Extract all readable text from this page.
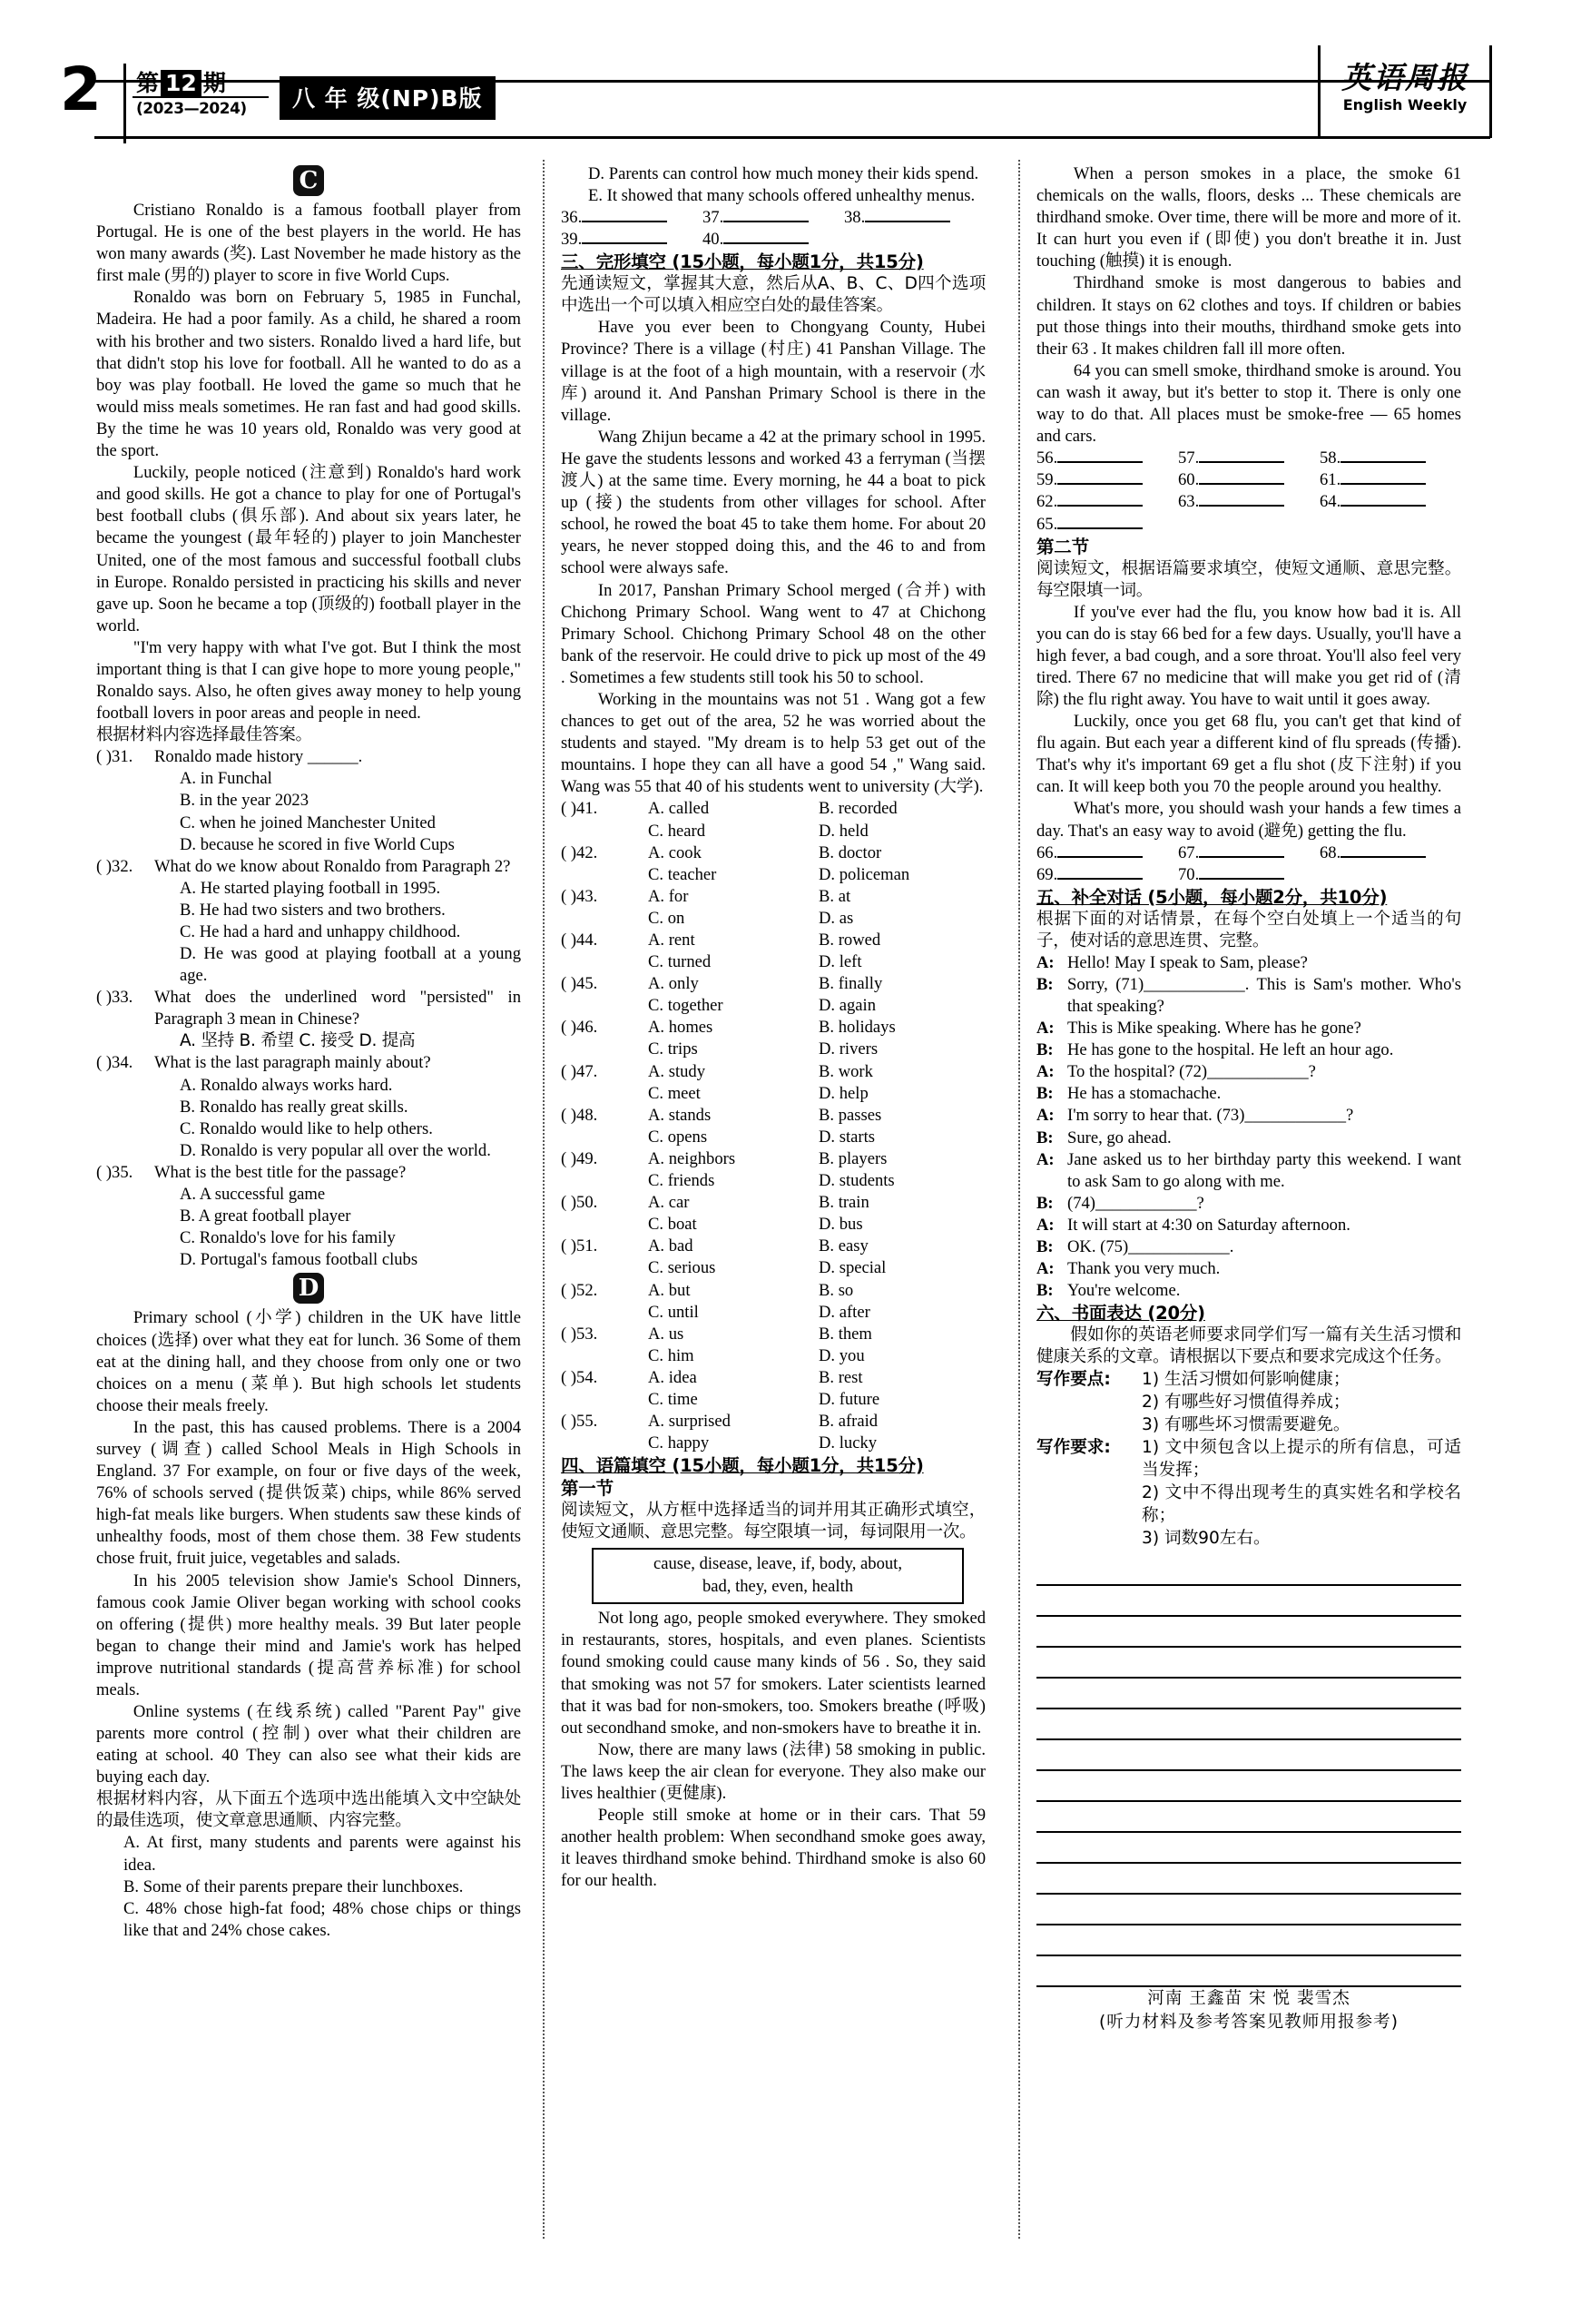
2	第 12 期
(2023—2024)	八 年 级(NP)B版
英语周报
English Weekly
C

Cristiano Ronaldo is a famous football player from Portugal. He is one of the best players in the world. He has won many awards (奖). Last November he made history as the first male (男的) player to score in five World Cups.

Ronaldo was born on February 5, 1985 in Funchal, Madeira. He had a poor family. As a child, he shared a room with his brother and two sisters. Ronaldo lived a hard life, but that didn't stop his love for football. All he wanted to do as a boy was play football. He loved the game so much that he would miss meals sometimes. He ran fast and had good skills. By the time he was 10 years old, Ronaldo was very good at the sport.

Luckily, people noticed (注意到) Ronaldo's hard work and good skills. He got a chance to play for one of Portugal's best football clubs (俱乐部). And about six years later, he became the youngest (最年轻的) player to join Manchester United, one of the most famous and successful football clubs in Europe. Ronaldo persisted in practicing his skills and never gave up. Soon he became a top (顶级的) football player in the world.

"I'm very happy with what I've got. But I think the most important thing is that I can give hope to more young people," Ronaldo says. Also, he often gives away money to help young football lovers in poor areas and people in need.

根据材料内容选择最佳答案。

( )31.	Ronaldo made history ______.

A. in Funchal

B. in the year 2023

C. when he joined Manchester United

D. because he scored in five World Cups

( )32.	What do we know about Ronaldo from Paragraph 2?

A. He started playing football in 1995.

B. He had two sisters and two brothers.

C. He had a hard and unhappy childhood.

D. He was good at playing football at a young age.

( )33.	What does the underlined word "persisted" in Paragraph 3 mean in Chinese?

A. 坚持 B. 希望 C. 接受 D. 提高

( )34.	What is the last paragraph mainly about?

A. Ronaldo always works hard.

B. Ronaldo has really great skills.

C. Ronaldo would like to help others.

D. Ronaldo is very popular all over the world.

( )35.	What is the best title for the passage?

A. A successful game

B. A great football player

C. Ronaldo's love for his family

D. Portugal's famous football clubs

D

Primary school (小学) children in the UK have little choices (选择) over what they eat for lunch. 36 Some of them eat at the dining hall, and they choose from only one or two choices on a menu (菜单). But high schools let students choose their meals freely.

In the past, this has caused problems. There is a 2004 survey (调查) called School Meals in High Schools in England. 37 For example, on four or five days of the week, 76% of schools served (提供饭菜) chips, while 86% served high-fat meals like burgers. When students saw these kinds of unhealthy foods, most of them chose them. 38 Few students chose fruit, fruit juice, vegetables and salads.

In his 2005 television show Jamie's School Dinners, famous cook Jamie Oliver began working with school cooks on offering (提供) more healthy meals. 39 But later people began to change their mind and Jamie's work has helped improve nutritional standards (提高营养标准) for school meals.

Online systems (在线系统) called "Parent Pay" give parents more control (控制) over what their children are eating at school. 40 They can also see what their kids are buying each day.

根据材料内容，从下面五个选项中选出能填入文中空缺处的最佳选项，使文章意思通顺、内容完整。

A. At first, many students and parents were against his idea.

B. Some of their parents prepare their lunchboxes.

C. 48% chose high-fat food; 48% chose chips or things like that and 24% chose cakes.

D. Parents can control how much money their kids spend.

E. It showed that many schools offered unhealthy menus.

36.	37.	38.
39.	40.

三、完形填空 (15小题，每小题1分，共15分)

先通读短文，掌握其大意，然后从A、B、C、D四个选项中选出一个可以填入相应空白处的最佳答案。

Have you ever been to Chongyang County, Hubei Province? There is a village (村庄) 41 Panshan Village. The village is at the foot of a high mountain, with a reservoir (水库) around it. And Panshan Primary School is there in the village.

Wang Zhijun became a 42 at the primary school in 1995. He gave the students lessons and worked 43 a ferryman (当摆渡人) at the same time. Every morning, he 44 a boat to pick up (接) the students from other villages for school. After school, he rowed the boat 45 to take them home. For about 20 years, he never stopped doing this, and the 46 to and from school were always safe.

In 2017, Panshan Primary School merged (合并) with Chichong Primary School. Wang went to 47 at Chichong Primary School. Chichong Primary School 48 on the other bank of the reservoir. He could drive to pick up most of the 49 . Sometimes a few students still took his 50 to school.

Working in the mountains was not 51 . Wang got a few chances to get out of the area, 52 he was worried about the students and stayed. "My dream is to help 53 get out of the mountains. I hope they can all have a good 54 ," Wang said. Wang was 55 that 40 of his students went to university (大学).

( )41.	A. called	B. recorded
C. heard	D. held
( )42.	A. cook	B. doctor
C. teacher	D. policeman
( )43.	A. for	B. at
C. on	D. as
( )44.	A. rent	B. rowed
C. turned	D. left
( )45.	A. only	B. finally
C. together	D. again
( )46.	A. homes	B. holidays
C. trips	D. rivers
( )47.	A. study	B. work
C. meet	D. help
( )48.	A. stands	B. passes
C. opens	D. starts
( )49.	A. neighbors	B. players
C. friends	D. students
( )50.	A. car	B. train
C. boat	D. bus
( )51.	A. bad	B. easy
C. serious	D. special
( )52.	A. but	B. so
C. until	D. after
( )53.	A. us	B. them
C. him	D. you
( )54.	A. idea	B. rest
C. time	D. future
( )55.	A. surprised	B. afraid
C. happy	D. lucky

四、语篇填空 (15小题，每小题1分，共15分)

第一节

阅读短文，从方框中选择适当的词并用其正确形式填空，使短文通顺、意思完整。每空限填一词，每词限用一次。

cause, disease, leave, if, body, about,
bad, they, even, health

Not long ago, people smoked everywhere. They smoked in restaurants, stores, hospitals, and even planes. Scientists found smoking could cause many kinds of 56 . So, they said that smoking was not 57 for smokers. Later scientists learned that it was bad for non-smokers, too. Smokers breathe (呼吸) out secondhand smoke, and non-smokers have to breathe it in.

Now, there are many laws (法律) 58 smoking in public. The laws keep the air clean for everyone. They also make our lives healthier (更健康).

People still smoke at home or in their cars. That 59 another health problem: When secondhand smoke goes away, it leaves thirdhand smoke behind. Thirdhand smoke is also 60 for our health.

When a person smokes in a place, the smoke 61 chemicals on the walls, floors, desks ... These chemicals are thirdhand smoke. Over time, there will be more and more of it. It can hurt you even if (即使) you don't breathe it in. Just touching (触摸) it is enough.

Thirdhand smoke is most dangerous to babies and children. It stays on 62 clothes and toys. If children or babies put those things into their mouths, thirdhand smoke gets into their 63 . It makes children fall ill more often.

64 you can smell smoke, thirdhand smoke is around. You can wash it away, but it's better to stop it. There is only one way to do that. All places must be smoke-free — 65 homes and cars.

56.	57.	58.
59.	60.	61.
62.	63.	64.
65.

第二节

阅读短文，根据语篇要求填空，使短文通顺、意思完整。每空限填一词。

If you've ever had the flu, you know how bad it is. All you can do is stay 66 bed for a few days. Usually, you'll have a high fever, a bad cough, and a sore throat. You'll also feel very tired. There 67 no medicine that will make you get rid of (清除) the flu right away. You have to wait until it goes away.

Luckily, once you get 68 flu, you can't get that kind of flu again. But each year a different kind of flu spreads (传播). That's why it's important 69 get a flu shot (皮下注射) if you can. It will keep both you 70 the people around you healthy.

What's more, you should wash your hands a few times a day. That's an easy way to avoid (避免) getting the flu.

66.	67.	68.
69.	70.

五、补全对话 (5小题，每小题2分，共10分)

根据下面的对话情景，在每个空白处填上一个适当的句子，使对话的意思连贯、完整。

A: Hello! May I speak to Sam, please?

B: Sorry, (71)____________. This is Sam's mother. Who's that speaking?

A: This is Mike speaking. Where has he gone?

B: He has gone to the hospital. He left an hour ago.

A: To the hospital? (72)____________?

B: He has a stomachache.

A: I'm sorry to hear that. (73)____________?

B: Sure, go ahead.

A: Jane asked us to her birthday party this weekend. I want to ask Sam to go along with me.

B: (74)____________?

A: It will start at 4:30 on Saturday afternoon.

B: OK. (75)____________.

A: Thank you very much.

B: You're welcome.

六、书面表达 (20分)

假如你的英语老师要求同学们写一篇有关生活习惯和健康关系的文章。请根据以下要点和要求完成这个任务。

写作要点:	1) 生活习惯如何影响健康；
2) 有哪些好习惯值得养成；
3) 有哪些坏习惯需要避免。
写作要求:	1) 文中须包含以上提示的所有信息，可适当发挥；
2) 文中不得出现考生的真实姓名和学校名称；
3) 词数90左右。

河南 王鑫苗 宋 悦 裴雪杰

(听力材料及参考答案见教师用报参考)
